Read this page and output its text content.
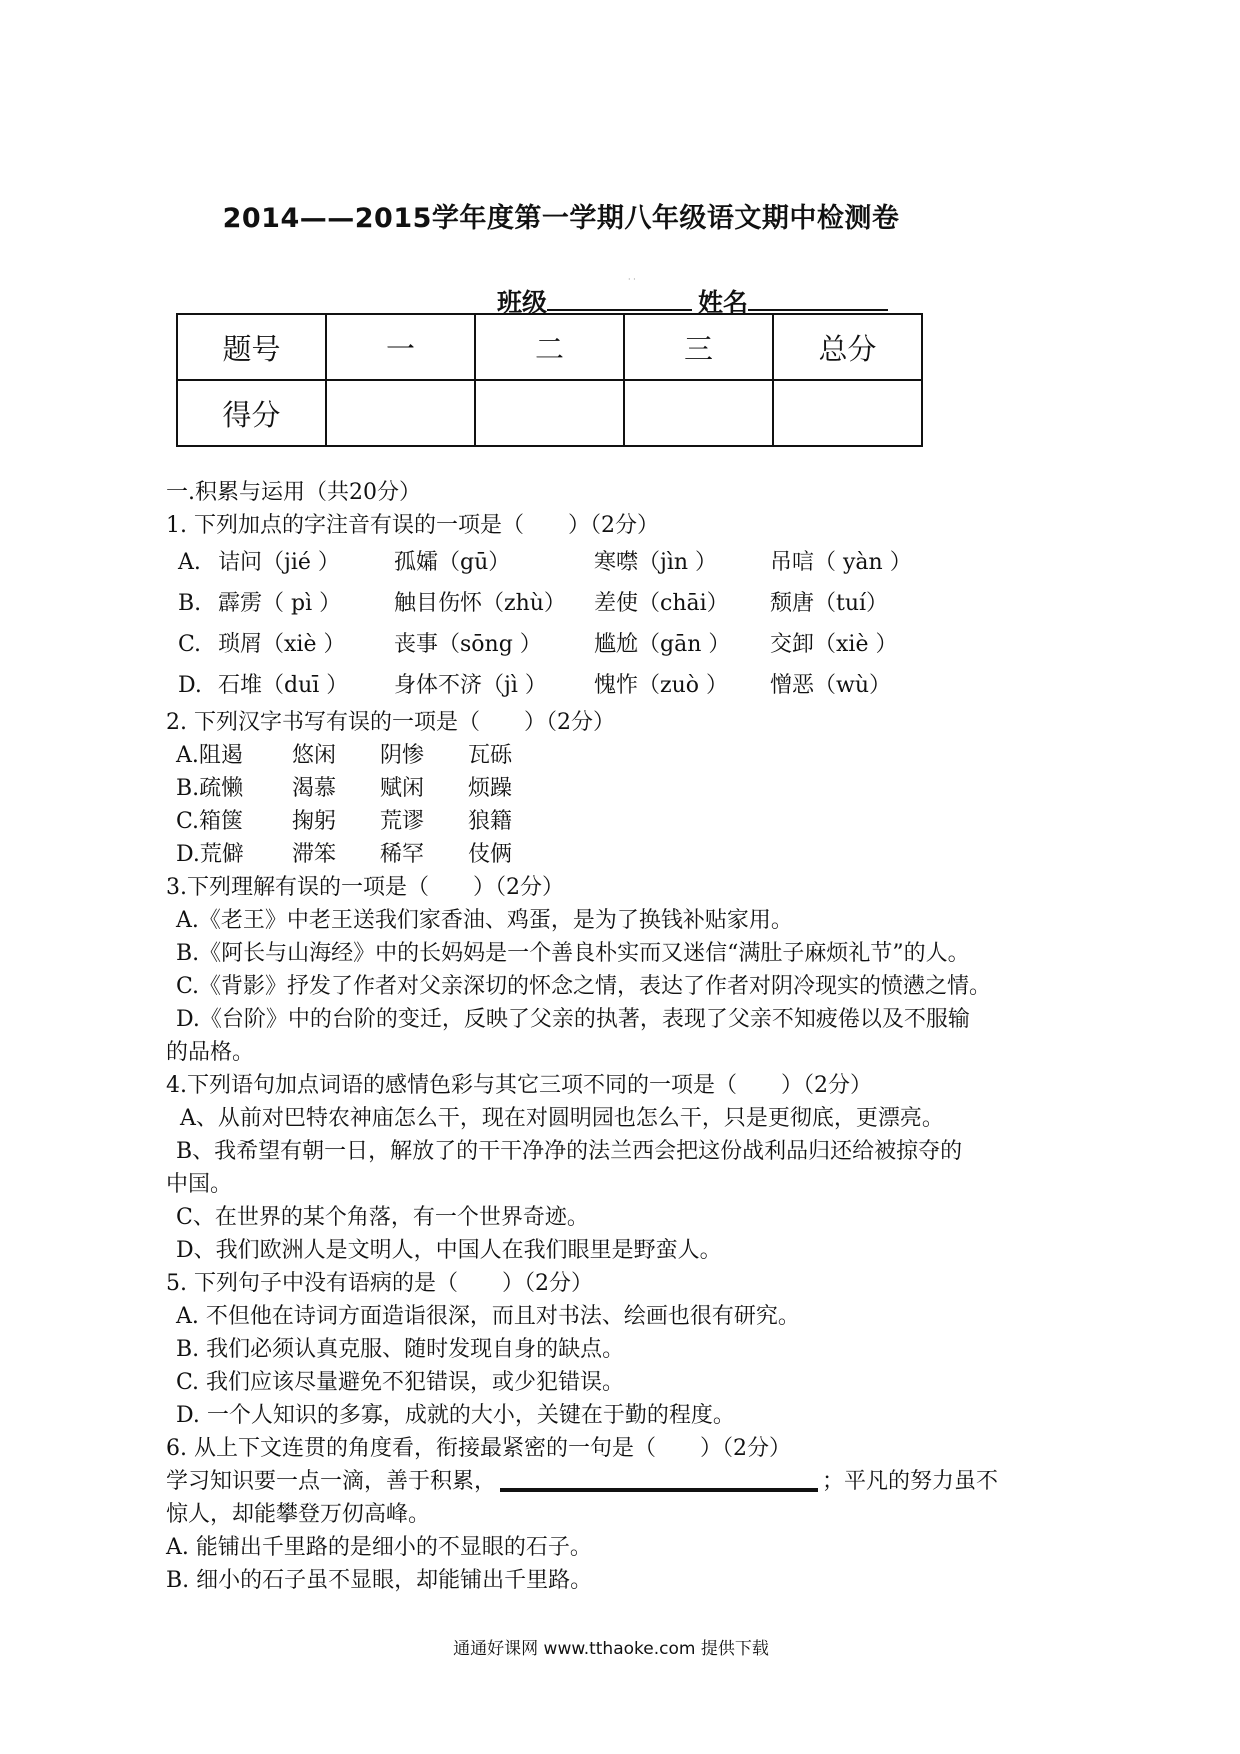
2014——2015学年度第一学期八年级语文期中检测卷
· ·
班级	姓名
题号	一	二	三	总分
得分				

一.积累与运用（共20分）

1. 下列加点的字注音有误的一项是（　　）（2分）

A. 诘问（jié ）	孤孀（gū）	寒噤（jìn ）	吊唁（ yàn ）
B. 霹雳（ pì ）	触目伤怀（zhù）	差使（chāi）	颓唐（tuí）
C. 琐屑（xiè ）	丧事（sōng ）	尴尬（gān ）	交卸（xiè ）
D. 石堆（duī ）	身体不济（jì ）	愧怍（zuò ）	憎恶（wù）

2. 下列汉字书写有误的一项是（　　）（2分）

A.阻遏	悠闲	阴惨	瓦砾
B.疏懒	渴慕	赋闲	烦躁
C.箱箧	掬躬	荒谬	狼籍
D.荒僻	滞笨	稀罕	伎俩

3.下列理解有误的一项是（　　）（2分）

A.《老王》中老王送我们家香油、鸡蛋，是为了换钱补贴家用。

B.《阿长与山海经》中的长妈妈是一个善良朴实而又迷信“满肚子麻烦礼节”的人。

C.《背影》抒发了作者对父亲深切的怀念之情，表达了作者对阴冷现实的愤懑之情。

D.《台阶》中的台阶的变迁，反映了父亲的执著，表现了父亲不知疲倦以及不服输

的品格。

4.下列语句加点词语的感情色彩与其它三项不同的一项是（　　）（2分）

A、从前对巴特农神庙怎么干，现在对圆明园也怎么干，只是更彻底，更漂亮。

B、我希望有朝一日，解放了的干干净净的法兰西会把这份战利品归还给被掠夺的

中国。

C、在世界的某个角落，有一个世界奇迹。

D、我们欧洲人是文明人，中国人在我们眼里是野蛮人。

5. 下列句子中没有语病的是（　　）（2分）

A. 不但他在诗词方面造诣很深，而且对书法、绘画也很有研究。

B. 我们必须认真克服、随时发现自身的缺点。

C. 我们应该尽量避免不犯错误，或少犯错误。

D. 一个人知识的多寡，成就的大小，关键在于勤的程度。

6. 从上下文连贯的角度看，衔接最紧密的一句是（　　）（2分）

学习知识要一点一滴，善于积累，	；平凡的努力虽不

惊人，却能攀登万仞高峰。

A. 能铺出千里路的是细小的不显眼的石子。

B. 细小的石子虽不显眼，却能铺出千里路。

通通好课网 www.tthaoke.com 提供下载
